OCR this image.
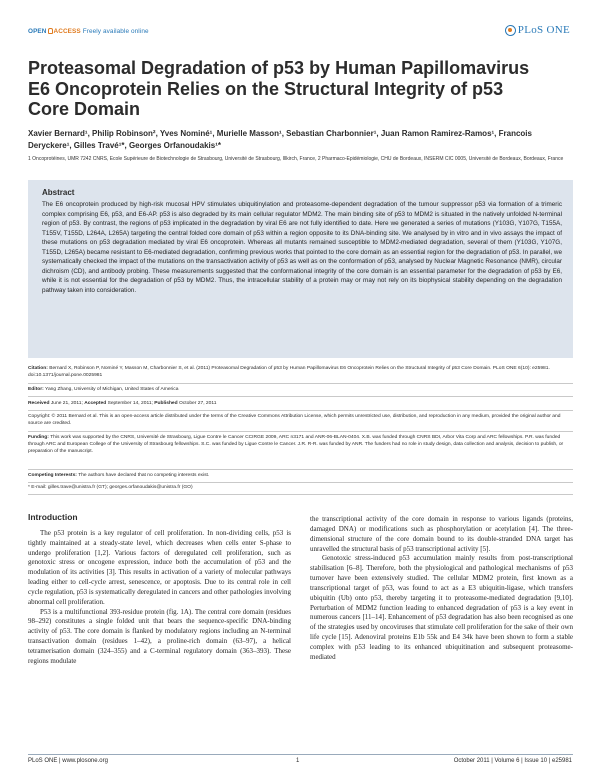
OPEN ACCESS Freely available online	PLoS ONE
Proteasomal Degradation of p53 by Human Papillomavirus E6 Oncoprotein Relies on the Structural Integrity of p53 Core Domain
Xavier Bernard¹, Philip Robinson², Yves Nominé¹, Murielle Masson¹, Sebastian Charbonnier¹, Juan Ramon Ramirez-Ramos¹, Francois Deryckere¹, Gilles Travé¹*, Georges Orfanoudakis¹*
1 Oncoprotéines, UMR 7242 CNRS, Ecole Supérieure de Biotechnologie de Strasbourg, Université de Strasbourg, Illkirch, France, 2 Pharmaco-Epidémiologie, CHU de Bordeaux, INSERM CIC 0005, Université de Bordeaux, Bordeaux, France
Abstract
The E6 oncoprotein produced by high-risk mucosal HPV stimulates ubiquitinylation and proteasome-dependent degradation of the tumour suppressor p53 via formation of a trimeric complex comprising E6, p53, and E6-AP. p53 is also degraded by its main cellular regulator MDM2. The main binding site of p53 to MDM2 is situated in the natively unfolded N-terminal region of p53. By contrast, the regions of p53 implicated in the degradation by viral E6 are not fully identified to date. Here we generated a series of mutations (Y103G, Y107G, T155A, T155V, T155D, L264A, L265A) targeting the central folded core domain of p53 within a region opposite to its DNA-binding site. We analysed by in vitro and in vivo assays the impact of these mutations on p53 degradation mediated by viral E6 oncoprotein. Whereas all mutants remained susceptible to MDM2-mediated degradation, several of them (Y103G, Y107G, T155D, L265A) became resistant to E6-mediated degradation, confirming previous works that pointed to the core domain as an essential region for the degradation of p53. In parallel, we systematically checked the impact of the mutations on the transactivation activity of p53 as well as on the conformation of p53, analysed by Nuclear Magnetic Resonance (NMR), circular dichroism (CD), and antibody probing. These measurements suggested that the conformational integrity of the core domain is an essential parameter for the degradation of p53 by E6, while it is not essential for the degradation of p53 by MDM2. Thus, the intracellular stability of a protein may or may not rely on its biophysical stability depending on the degradation pathway taken into consideration.
Citation: Bernard X, Robinson P, Nominé Y, Masson M, Charbonnier S, et al. (2011) Proteasomal Degradation of p53 by Human Papillomavirus E6 Oncoprotein Relies on the Structural Integrity of p53 Core Domain. PLoS ONE 6(10): e25981. doi:10.1371/journal.pone.0025981
Editor: Yang Zhang, University of Michigan, United States of America
Received June 21, 2011; Accepted September 14, 2011; Published October 27, 2011
Copyright: © 2011 Bernard et al. This is an open-access article distributed under the terms of the Creative Commons Attribution License, which permits unrestricted use, distribution, and reproduction in any medium, provided the original author and source are credited.
Funding: This work was supported by the CNRS, Université de Strasbourg, Ligue Contre le Cancer CCIRGE 2009, ARC n3171 and ANR-06-BLAN-0404. X.B. was funded through CNRS BDI, Arbor Vita Corp and ARC fellowships. P.R. was funded through ARC and European College of the University of Strasbourg fellowships. S.C. was funded by Ligue Contre le Cancer. J.R. R-R. was funded by ANR. The funders had no role in study design, data collection and analysis, decision to publish, or preparation of the manuscript.
Competing Interests: The authors have declared that no competing interests exist.
* E-mail: gilles.trave@unistra.fr (GT); georges.orfanoudakis@unistra.fr (GO)
Introduction

The p53 protein is a key regulator of cell proliferation. In non-dividing cells, p53 is tightly maintained at a steady-state level, which decreases when cells enter S-phase to undergo proliferation [1,2]. Various factors of deregulated cell proliferation, such as genotoxic stress or oncogene expression, induce both the accumulation of p53 and the modulation of its activities [3]. This results in activation of a variety of molecular pathways leading either to cell-cycle arrest, senescence, or apoptosis. Due to its central role in cell cycle regulation, p53 is systematically deregulated in cancers and other pathologies involving abnormal cell proliferation.

P53 is a multifunctional 393-residue protein (fig. 1A). The central core domain (residues 98–292) constitutes a single folded unit that bears the sequence-specific DNA-binding activity of p53. The core domain is flanked by modulatory regions including an N-terminal transactivation domain (residues 1–42), a proline-rich domain (63–97), a helical tetramerisation domain (324–355) and a C-terminal regulatory domain (363–393). These regions modulate

the transcriptional activity of the core domain in response to various ligands (proteins, damaged DNA) or modifications such as phosphorylation or acetylation [4]. The three-dimensional structure of the core domain bound to its double-stranded DNA target has unravelled the structural basis of p53 transcriptional activity [5].

Genotoxic stress-induced p53 accumulation mainly results from post-transcriptional stabilisation [6–8]. Therefore, both the physiological and pathological mechanisms of p53 turnover have been extensively studied. The cellular MDM2 protein, first known as a transcriptional target of p53, was found to act as a E3 ubiquitin-ligase, which transfers ubiquitin (Ub) onto p53, thereby targeting it to proteasome-mediated degradation [9,10]. Perturbation of MDM2 function leading to enhanced degradation of p53 is a key event in numerous cancers [11–14]. Enhancement of p53 degradation has also been recognised as one of the strategies used by oncoviruses that stimulate cell proliferation for the sake of their own life cycle [15]. Adenoviral proteins E1b 55k and E4 34k have been shown to form a stable complex with p53 leading to its enhanced ubiquitination and subsequent proteasome-mediated

PLoS ONE | www.plosone.org	1	October 2011 | Volume 6 | Issue 10 | e25981
